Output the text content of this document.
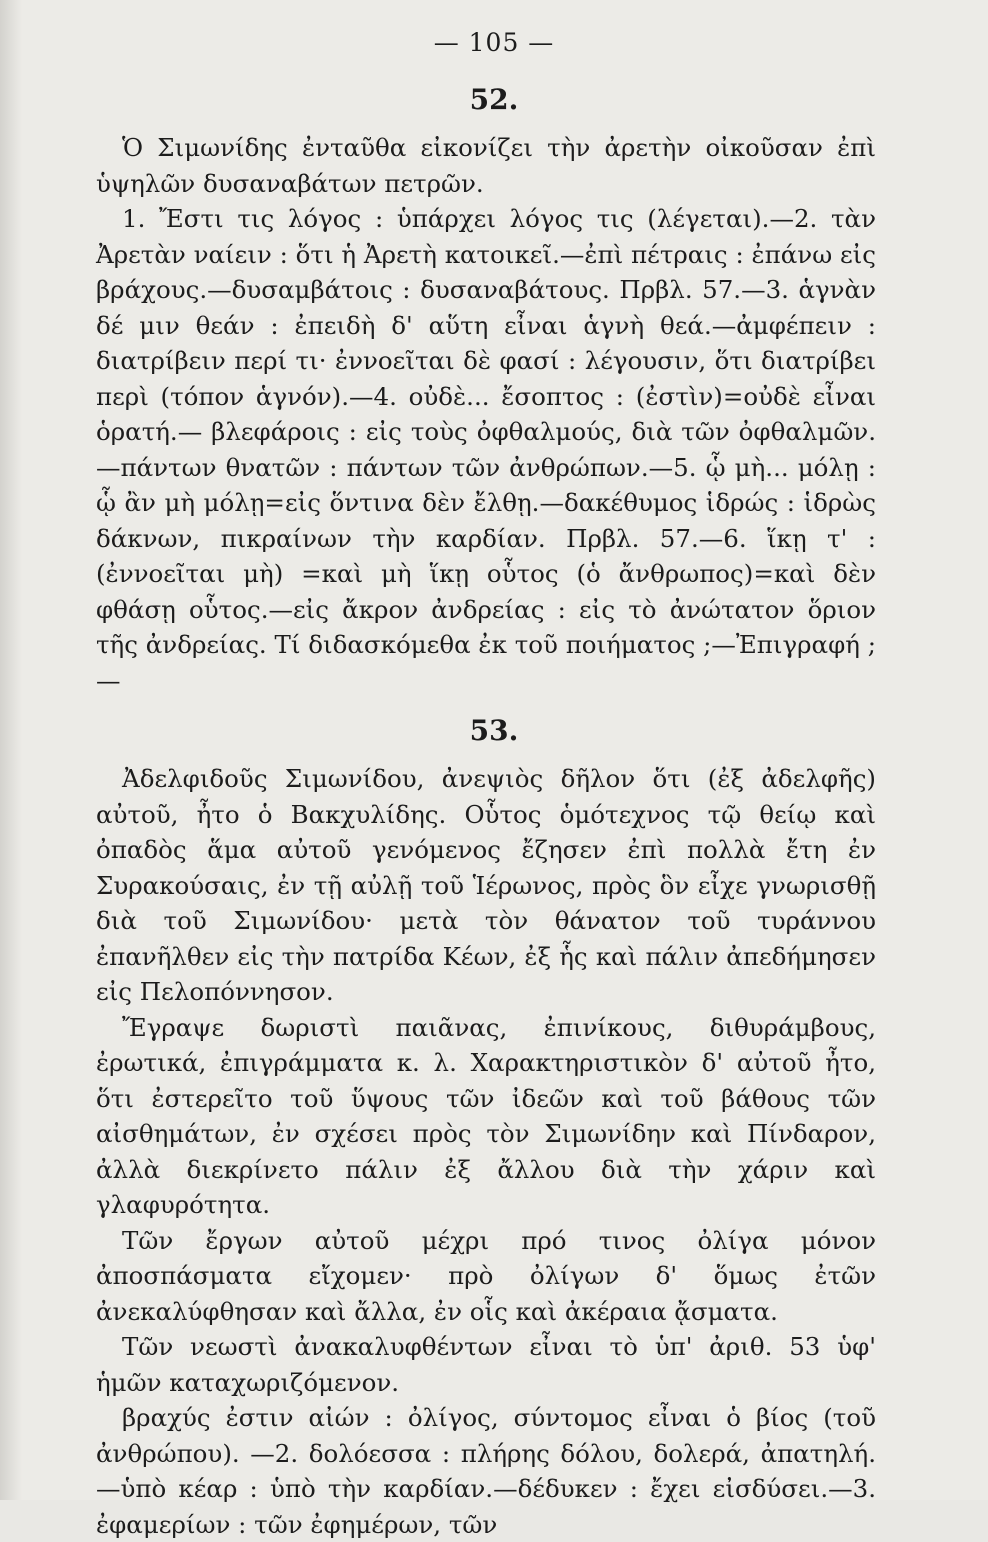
— 105 —
52.

Ὁ Σιμωνίδης ἐνταῦθα εἰκονίζει τὴν ἀρετὴν οἰκοῦσαν ἐπὶ ὑψηλῶν δυσαναβάτων πετρῶν.

1. Ἔστι τις λόγος : ὑπάρχει λόγος τις (λέγεται).—2. τὰν Ἀρετὰν ναίειν : ὅτι ἡ Ἀρετὴ κατοικεῖ.—ἐπὶ πέτραις : ἐπάνω εἰς βράχους.—δυσαμβάτοις : δυσαναβάτους. Πρβλ. 57.—3. ἁγνὰν δέ μιν θεάν : ἐπειδὴ δ' αὕτη εἶναι ἁγνὴ θεά.—ἀμφέπειν : διατρίβειν περί τι· ἐννοεῖται δὲ φασί : λέγουσιν, ὅτι διατρίβει περὶ (τόπον ἁγνόν).—4. οὐδὲ... ἔσοπτος : (ἐστὶν)=οὐδὲ εἶναι ὁρατή.— βλεφάροις : εἰς τοὺς ὀφθαλμούς, διὰ τῶν ὀφθαλμῶν.—πάντων θνατῶν : πάντων τῶν ἀνθρώπων.—5. ᾧ μὴ... μόλῃ : ᾧ ἂν μὴ μόλῃ=εἰς ὅντινα δὲν ἔλθῃ.—δακέθυμος ἱδρώς : ἱδρὼς δάκνων, πικραίνων τὴν καρδίαν. Πρβλ. 57.—6. ἵκῃ τ' : (ἐννοεῖται μὴ) =καὶ μὴ ἵκῃ οὗτος (ὁ ἄνθρωπος)=καὶ δὲν φθάσῃ οὗτος.—εἰς ἄκρον ἀνδρείας : εἰς τὸ ἀνώτατον ὅριον τῆς ἀνδρείας. Τί διδασκόμεθα ἐκ τοῦ ποιήματος ;—Ἐπιγραφή ;—

53.

Ἀδελφιδοῦς Σιμωνίδου, ἀνεψιὸς δῆλον ὅτι (ἐξ ἀδελφῆς) αὐτοῦ, ἦτο ὁ Βακχυλίδης. Οὗτος ὁμότεχνος τῷ θείῳ καὶ ὀπαδὸς ἅμα αὐτοῦ γενόμενος ἔζησεν ἐπὶ πολλὰ ἔτη ἐν Συρακούσαις, ἐν τῇ αὐλῇ τοῦ Ἱέρωνος, πρὸς ὃν εἶχε γνωρισθῇ διὰ τοῦ Σιμωνίδου· μετὰ τὸν θάνατον τοῦ τυράννου ἐπανῆλθεν εἰς τὴν πατρίδα Κέων, ἐξ ἧς καὶ πάλιν ἀπεδήμησεν εἰς Πελοπόννησον.

Ἔγραψε δωριστὶ παιᾶνας, ἐπινίκους, διθυράμβους, ἐρωτικά, ἐπιγράμματα κ. λ. Χαρακτηριστικὸν δ' αὐτοῦ ἦτο, ὅτι ἐστερεῖτο τοῦ ὕψους τῶν ἰδεῶν καὶ τοῦ βάθους τῶν αἰσθημάτων, ἐν σχέσει πρὸς τὸν Σιμωνίδην καὶ Πίνδαρον, ἀλλὰ διεκρίνετο πάλιν ἐξ ἄλλου διὰ τὴν χάριν καὶ γλαφυρότητα.

Τῶν ἔργων αὐτοῦ μέχρι πρό τινος ὀλίγα μόνον ἀποσπάσματα εἴχομεν· πρὸ ὀλίγων δ' ὅμως ἐτῶν ἀνεκαλύφθησαν καὶ ἄλλα, ἐν οἷς καὶ ἀκέραια ᾄσματα.

Τῶν νεωστὶ ἀνακαλυφθέντων εἶναι τὸ ὑπ' ἀριθ. 53 ὑφ' ἡμῶν καταχωριζόμενον.

βραχύς ἐστιν αἰών : ὀλίγος, σύντομος εἶναι ὁ βίος (τοῦ ἀνθρώπου). —2. δολόεσσα : πλήρης δόλου, δολερά, ἀπατηλή.—ὑπὸ κέαρ : ὑπὸ τὴν καρδίαν.—δέδυκεν : ἔχει εἰσδύσει.—3. ἐφαμερίων : τῶν ἐφημέρων, τῶν
